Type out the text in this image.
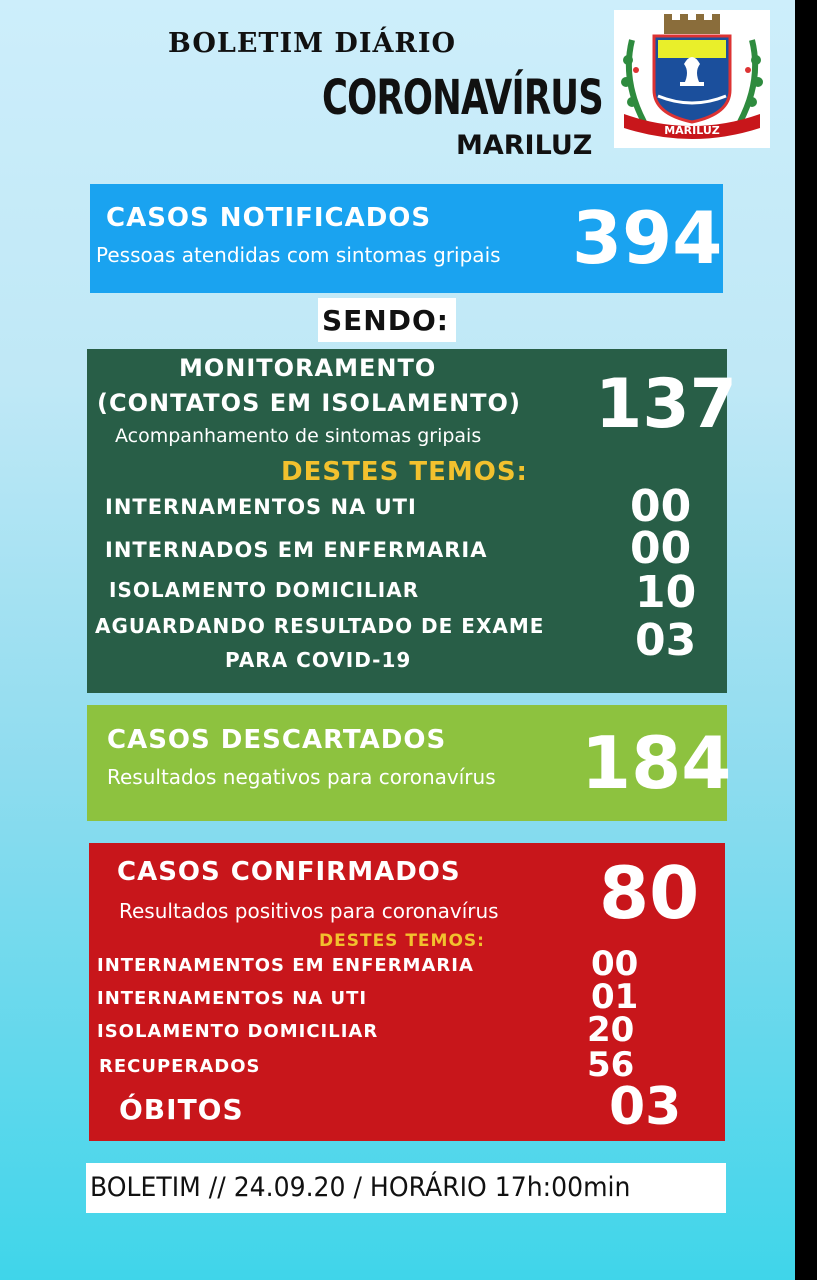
BOLETIM DIÁRIO
CORONAVÍRUS
MARILUZ	MARILUZ
CASOS NOTIFICADOS
Pessoas atendidas com sintomas gripais 394
SENDO:
MONITORAMENTO
(CONTATOS EM ISOLAMENTO)
Acompanhamento de sintomas gripais 137
DESTES TEMOS:
INTERNAMENTOS NA UTI	00
INTERNADOS EM ENFERMARIA	00
ISOLAMENTO DOMICILIAR	10
AGUARDANDO RESULTADO DE EXAME
PARA COVID-19	03
CASOS DESCARTADOS
Resultados negativos para coronavírus 184
CASOS CONFIRMADOS
Resultados positivos para coronavírus 80
DESTES TEMOS:
INTERNAMENTOS EM ENFERMARIA	00
INTERNAMENTOS NA UTI	01
ISOLAMENTO DOMICILIAR	20
RECUPERADOS	56
ÓBITOS	03
BOLETIM // 24.09.20 / HORÁRIO 17h:00min
